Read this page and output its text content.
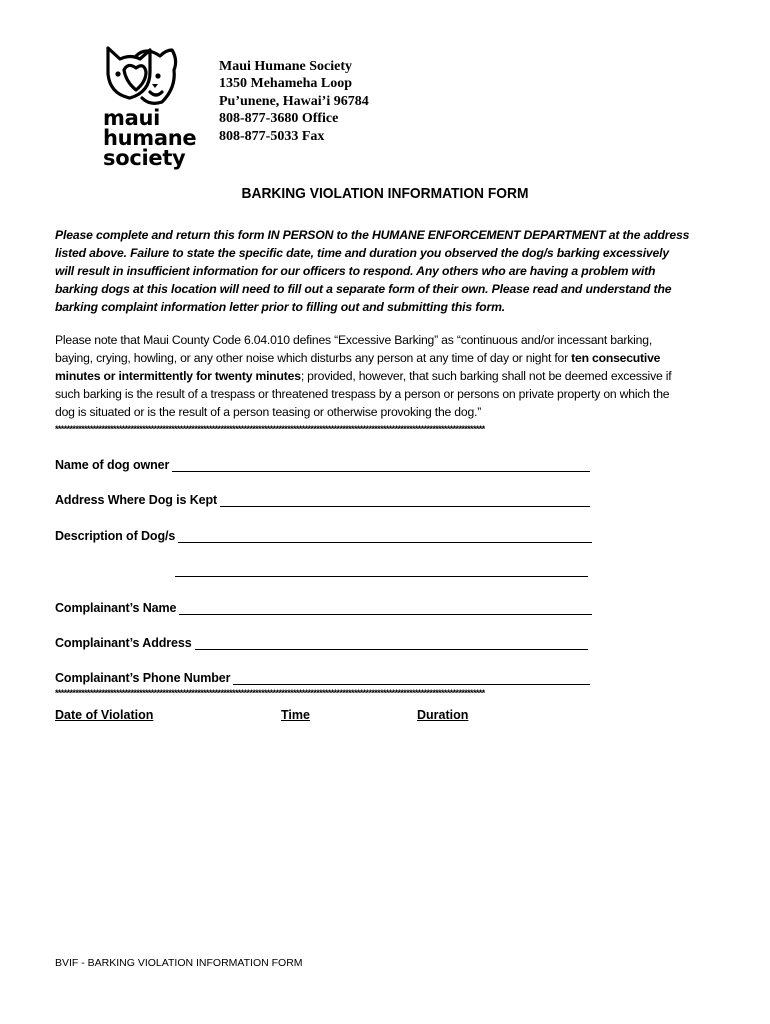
maui
humane
society
Maui Humane Society
1350 Mehameha Loop
Pu’unene, Hawai’i 96784
808-877-3680 Office
808-877-5033 Fax
BARKING VIOLATION INFORMATION FORM
Please complete and return this form IN PERSON to the HUMANE ENFORCEMENT DEPARTMENT at the address
listed above. Failure to state the specific date, time and duration you observed the dog/s barking excessively
will result in insufficient information for our officers to respond. Any others who are having a problem with
barking dogs at this location will need to fill out a separate form of their own. Please read and understand the
barking complaint information letter prior to filling out and submitting this form.
Please note that Maui County Code 6.04.010 defines “Excessive Barking” as “continuous and/or incessant barking,
baying, crying, howling, or any other noise which disturbs any person at any time of day or night for ten consecutive
minutes or intermittently for twenty minutes; provided, however, that such barking shall not be deemed excessive if
such barking is the result of a trespass or threatened trespass by a person or persons on private property on which the
dog is situated or is the result of a person teasing or otherwise provoking the dog.”
****************************************************************************************************************************************************
Name of dog owner
Address Where Dog is Kept
Description of Dog/s
Complainant’s Name
Complainant’s Address
Complainant’s Phone Number
****************************************************************************************************************************************************
Date of Violation	Time	Duration
BVIF - BARKING VIOLATION INFORMATION FORM
